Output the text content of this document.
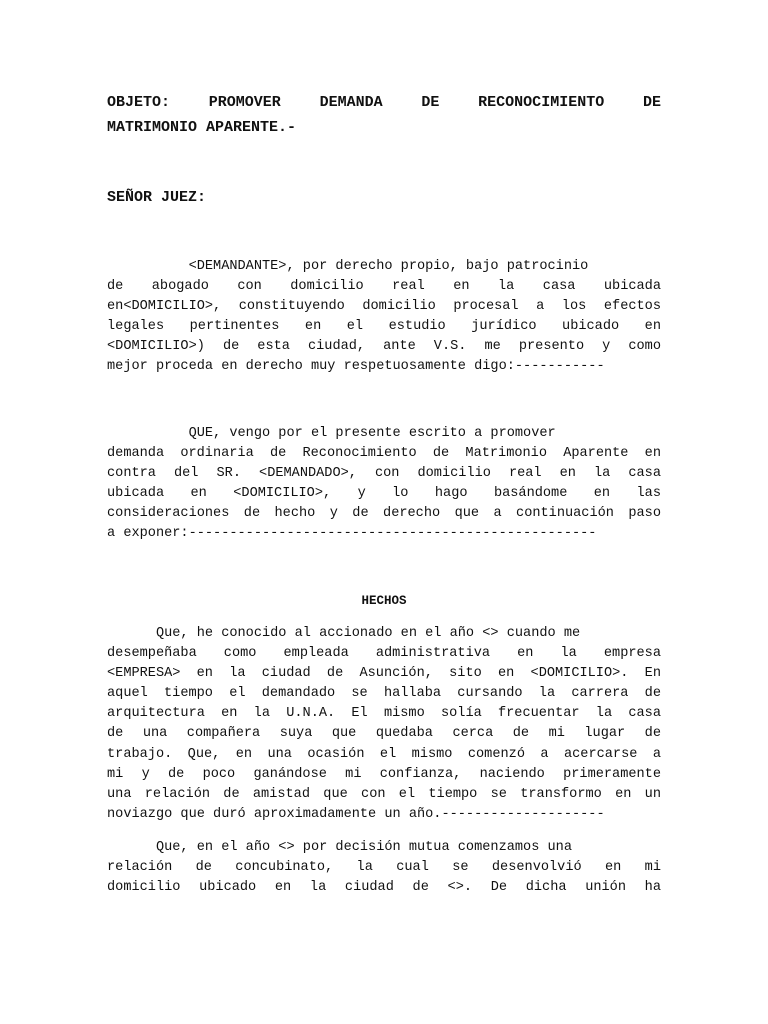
OBJETO: PROMOVER DEMANDA DE RECONOCIMIENTO DE
MATRIMONIO APARENTE.-

SEÑOR JUEZ:

<DEMANDANTE>, por derecho propio, bajo patrocinio
de abogado con domicilio real en la casa ubicada
en<DOMICILIO>, constituyendo domicilio procesal a los efectos
legales pertinentes en el estudio jurídico ubicado en
<DOMICILIO>) de esta ciudad, ante V.S. me presento y como
mejor proceda en derecho muy respetuosamente digo:-----------
QUE, vengo por el presente escrito a promover
demanda ordinaria de Reconocimiento de Matrimonio Aparente en
contra del SR. <DEMANDADO>, con domicilio real en la casa
ubicada en <DOMICILIO>, y lo hago basándome en las
consideraciones de hecho y de derecho que a continuación paso
a exponer:--------------------------------------------------

HECHOS

Que, he conocido al accionado en el año <> cuando me
desempeñaba como empleada administrativa en la empresa
<EMPRESA> en la ciudad de Asunción, sito en <DOMICILIO>. En
aquel tiempo el demandado se hallaba cursando la carrera de
arquitectura en la U.N.A. El mismo solía frecuentar la casa
de una compañera suya que quedaba cerca de mi lugar de
trabajo. Que, en una ocasión el mismo comenzó a acercarse a
mi y de poco ganándose mi confianza, naciendo primeramente
una relación de amistad que con el tiempo se transformo en un
noviazgo que duró aproximadamente un año.--------------------
Que, en el año <> por decisión mutua comenzamos una
relación de concubinato, la cual se desenvolvió en mi
domicilio ubicado en la ciudad de <>. De dicha unión ha
